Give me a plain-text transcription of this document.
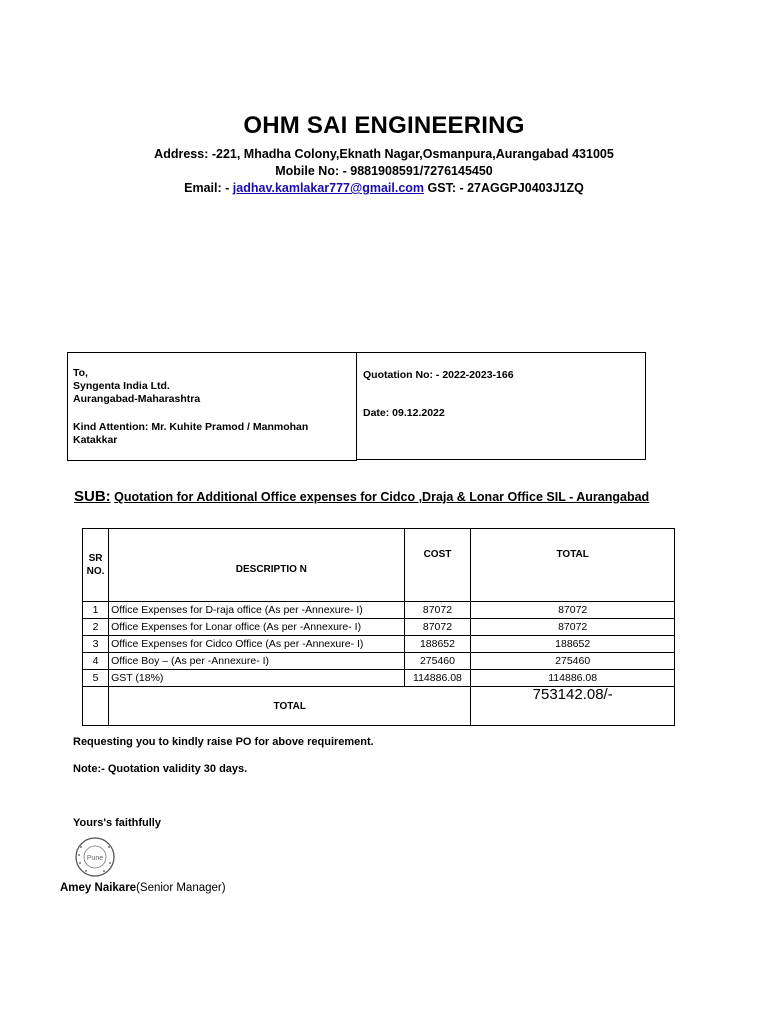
OHM SAI ENGINEERING
Address: -221, Mhadha Colony,Eknath Nagar,Osmanpura,Aurangabad 431005
Mobile No: - 9881908591/7276145450
Email: - jadhav.kamlakar777@gmail.com GST: - 27AGGPJ0403J1ZQ
To,
Syngenta India Ltd.
Aurangabad-Maharashtra
Kind Attention: Mr. Kuhite Pramod / Manmohan Katakkar
Quotation No: - 2022-2023-166
Date: 09.12.2022
SUB: Quotation for Additional Office expenses for Cidco ,Draja & Lonar Office SIL - Aurangabad
SR NO.	DESCRIPTIO N	COST	TOTAL
1	Office Expenses for D-raja office (As per -Annexure- I)	87072	87072
2	Office Expenses for Lonar office (As per -Annexure- I)	87072	87072
3	Office Expenses for Cidco Office (As per -Annexure- I)	188652	188652
4	Office Boy – (As per -Annexure- I)	275460	275460
5	GST (18%)	114886.08	114886.08
	TOTAL		753142.08/-
Requesting you to kindly raise PO for above requirement.
Note:- Quotation validity 30 days.
Yours's faithfully
Pune
Amey Naikare(Senior Manager)
